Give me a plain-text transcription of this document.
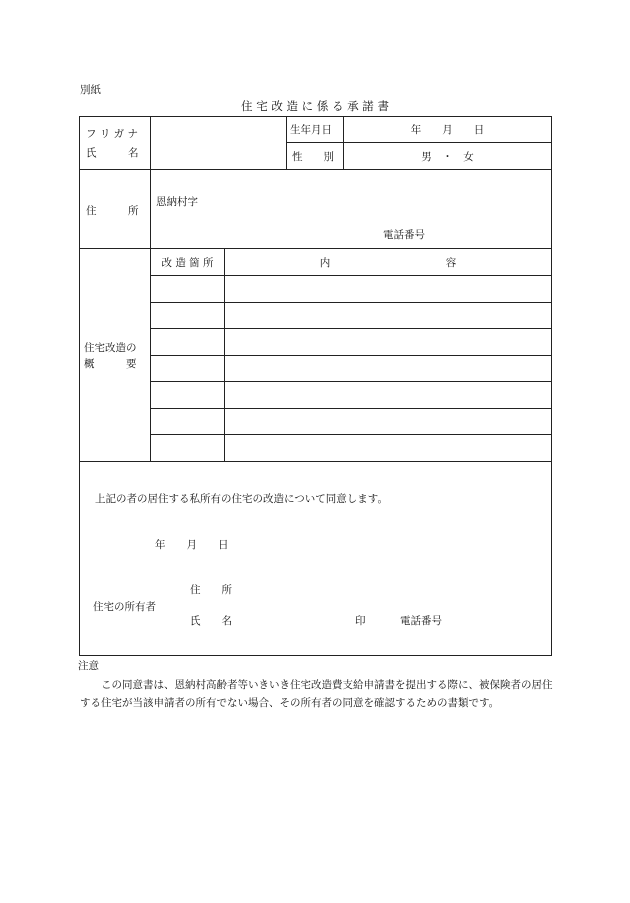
別紙
住 宅 改 造 に 係 る 承 諾 書
フ リ ガ ナ
氏　　　名
生年月日	年　　月　　日
性　　別	男　・　女
住　　　所
恩納村字
電話番号
住宅改造の
概　　　要
改 造 箇 所	内　　　　　　　　　　　容
上記の者の居住する私所有の住宅の改造について同意します。
年　　月　　日
住宅の所有者
住　　所
氏　　名	印	電話番号
注意
この同意書は、恩納村高齢者等いきいき住宅改造費支給申請書を提出する際に、被保険者の居住する住宅が当該申請者の所有でない場合、その所有者の同意を確認するための書類です。
